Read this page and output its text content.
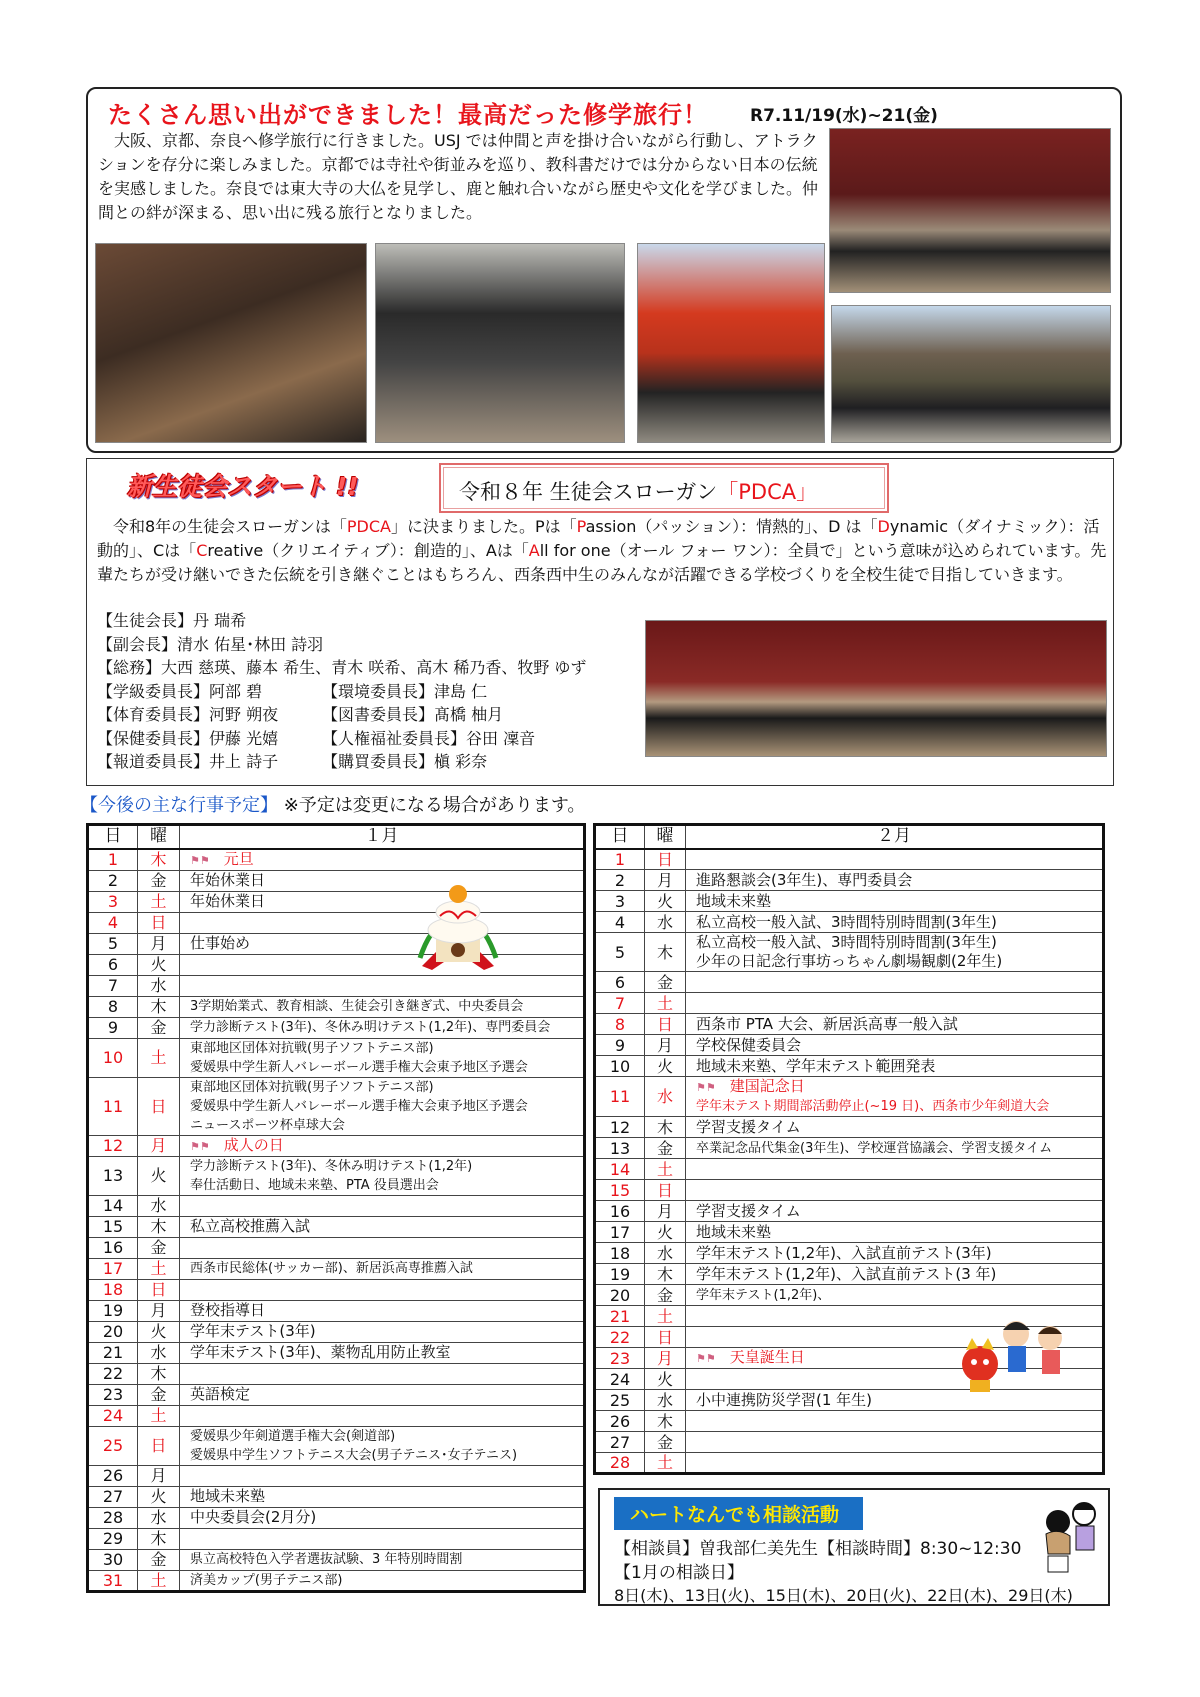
たくさん思い出ができました！最高だった修学旅行！ R7.11/19(水)~21(金)
大阪、京都、奈良へ修学旅行に行きました。USJ では仲間と声を掛け合いながら行動し、アトラクションを存分に楽しみました。京都では寺社や街並みを巡り、教科書だけでは分からない日本の伝統を実感しました。奈良では東大寺の大仏を見学し、鹿と触れ合いながら歴史や文化を学びました。仲間との絆が深まる、思い出に残る旅行となりました。
新生徒会スタート !!	令和８年 生徒会スローガン「PDCA」
令和8年の生徒会スローガンは「PDCA」に決まりました。Pは「Passion（パッション）：情熱的」、D は「Dynamic（ダイナミック）：活動的」、Cは「Creative（クリエイティブ）：創造的」、Aは「All for one（オール フォー ワン）：全員で」という意味が込められています。先輩たちが受け継いできた伝統を引き継ぐことはもちろん、西条西中生のみんなが活躍できる学校づくりを全校生徒で目指していきます。
【生徒会長】丹 瑞希
【副会長】清水 佑星･林田 詩羽
【総務】大西 慈瑛、藤本 希生、青木 咲希、高木 稀乃香、牧野 ゆず
【学級委員長】阿部 碧	【環境委員長】津島 仁
【体育委員長】河野 朔夜	【図書委員長】髙橋 柚月
【保健委員長】伊藤 光嬉	【人権福祉委員長】谷田 凜音
【報道委員長】井上 詩子	【購買委員長】槇 彩奈
【今後の主な行事予定】 ※予定は変更になる場合があります。
日	曜	１月
1	木	⚑⚑ 元旦

2	金	年始休業日

3	土	年始休業日

4	日	
5	月	仕事始め

6	火	
7	水	
8	木	3学期始業式、教育相談、生徒会引き継ぎ式、中央委員会

9	金	学力診断テスト(3年)、冬休み明けテスト(1,2年)、専門委員会

10	土	東部地区団体対抗戦(男子ソフトテニス部)
愛媛県中学生新人バレーボール選手権大会東予地区予選会

11	日	東部地区団体対抗戦(男子ソフトテニス部)
愛媛県中学生新人バレーボール選手権大会東予地区予選会
ニュースポーツ杯卓球大会

12	月	⚑⚑ 成人の日

13	火	学力診断テスト(3年)、冬休み明けテスト(1,2年)
奉仕活動日、地域未来塾、PTA 役員選出会

14	水	
15	木	私立高校推薦入試

16	金	
17	土	西条市民総体(サッカー部)、新居浜高専推薦入試

18	日	
19	月	登校指導日

20	火	学年末テスト(3年)

21	水	学年末テスト(3年)、薬物乱用防止教室

22	木	
23	金	英語検定

24	土	
25	日	愛媛県少年剣道選手権大会(剣道部)
愛媛県中学生ソフトテニス大会(男子テニス･女子テニス)

26	月	
27	火	地域未来塾

28	水	中央委員会(2月分)

29	木	
30	金	県立高校特色入学者選抜試験、3 年特別時間割

31	土	済美カップ(男子テニス部)
日	曜	２月
1	日	
2	月	進路懇談会(3年生)、専門委員会

3	火	地域未来塾

4	水	私立高校一般入試、3時間特別時間割(3年生)

5	木	私立高校一般入試、3時間特別時間割(3年生)
少年の日記念行事坊っちゃん劇場観劇(2年生)

6	金	
7	土	
8	日	西条市 PTA 大会、新居浜高専一般入試

9	月	学校保健委員会

10	火	地域未来塾、学年末テスト範囲発表

11	水	⚑⚑ 建国記念日
学年末テスト期間部活動停止(~19 日)、西条市少年剣道大会

12	木	学習支援タイム

13	金	卒業記念品代集金(3年生)、学校運営協議会、学習支援タイム

14	土	
15	日	
16	月	学習支援タイム

17	火	地域未来塾

18	水	学年末テスト(1,2年)、入試直前テスト(3年)

19	木	学年末テスト(1,2年)、入試直前テスト(3 年)

20	金	学年末テスト(1,2年)、

21	土	
22	日	
23	月	⚑⚑ 天皇誕生日

24	火	
25	水	小中連携防災学習(1 年生)

26	木	
27	金	
28	土	
ハートなんでも相談活動
【相談員】曽我部仁美先生【相談時間】8:30~12:30
【1月の相談日】
8日(木)、13日(火)、15日(木)、20日(火)、22日(木)、29日(木)
